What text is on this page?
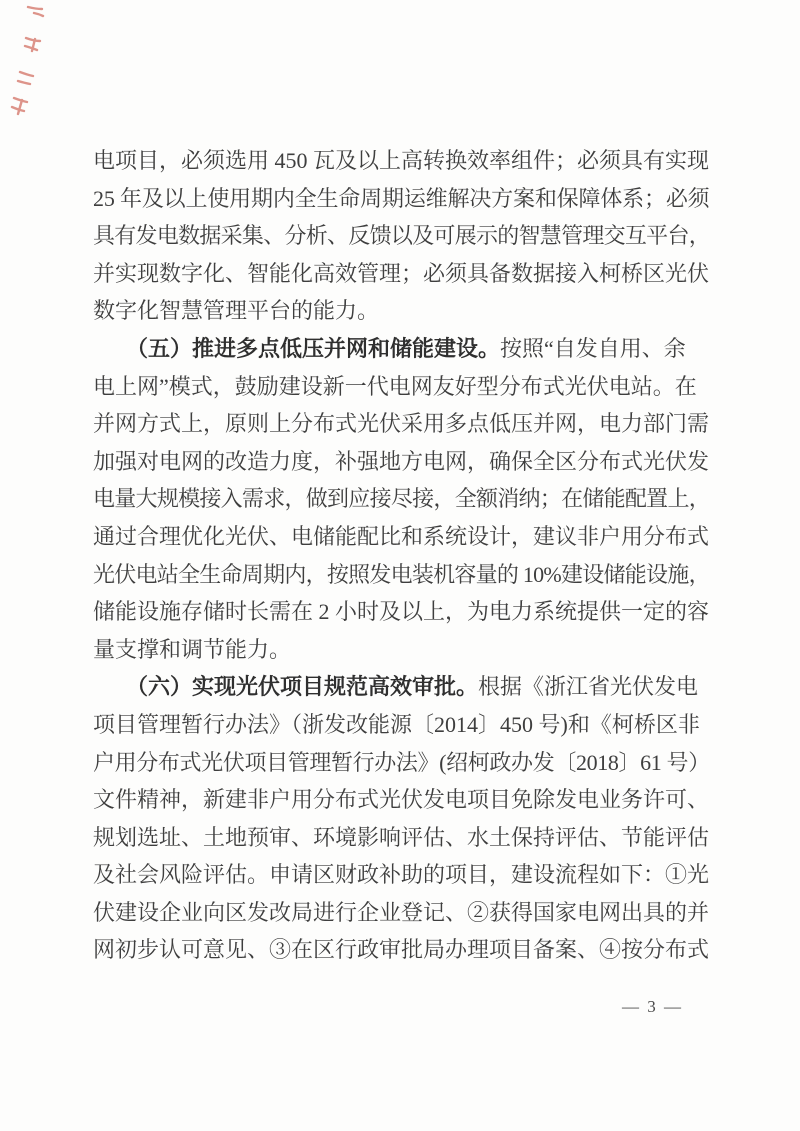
电项目，必须选用 450 瓦及以上高转换效率组件；必须具有实现
25 年及以上使用期内全生命周期运维解决方案和保障体系；必须
具有发电数据采集、分析、反馈以及可展示的智慧管理交互平台，
并实现数字化、智能化高效管理；必须具备数据接入柯桥区光伏
数字化智慧管理平台的能力。
　　（五）推进多点低压并网和储能建设。按照“自发自用、余
电上网”模式，鼓励建设新一代电网友好型分布式光伏电站。在
并网方式上，原则上分布式光伏采用多点低压并网，电力部门需
加强对电网的改造力度，补强地方电网，确保全区分布式光伏发
电量大规模接入需求，做到应接尽接，全额消纳；在储能配置上，
通过合理优化光伏、电储能配比和系统设计，建议非户用分布式
光伏电站全生命周期内，按照发电装机容量的 10%建设储能设施，
储能设施存储时长需在 2 小时及以上，为电力系统提供一定的容
量支撑和调节能力。
　　（六）实现光伏项目规范高效审批。根据《浙江省光伏发电
项目管理暂行办法》（浙发改能源〔2014〕450 号)和《柯桥区非
户用分布式光伏项目管理暂行办法》(绍柯政办发〔2018〕61 号）
文件精神，新建非户用分布式光伏发电项目免除发电业务许可、
规划选址、土地预审、环境影响评估、水土保持评估、节能评估
及社会风险评估。申请区财政补助的项目，建设流程如下：①光
伏建设企业向区发改局进行企业登记、②获得国家电网出具的并
网初步认可意见、③在区行政审批局办理项目备案、④按分布式
— 3 —
